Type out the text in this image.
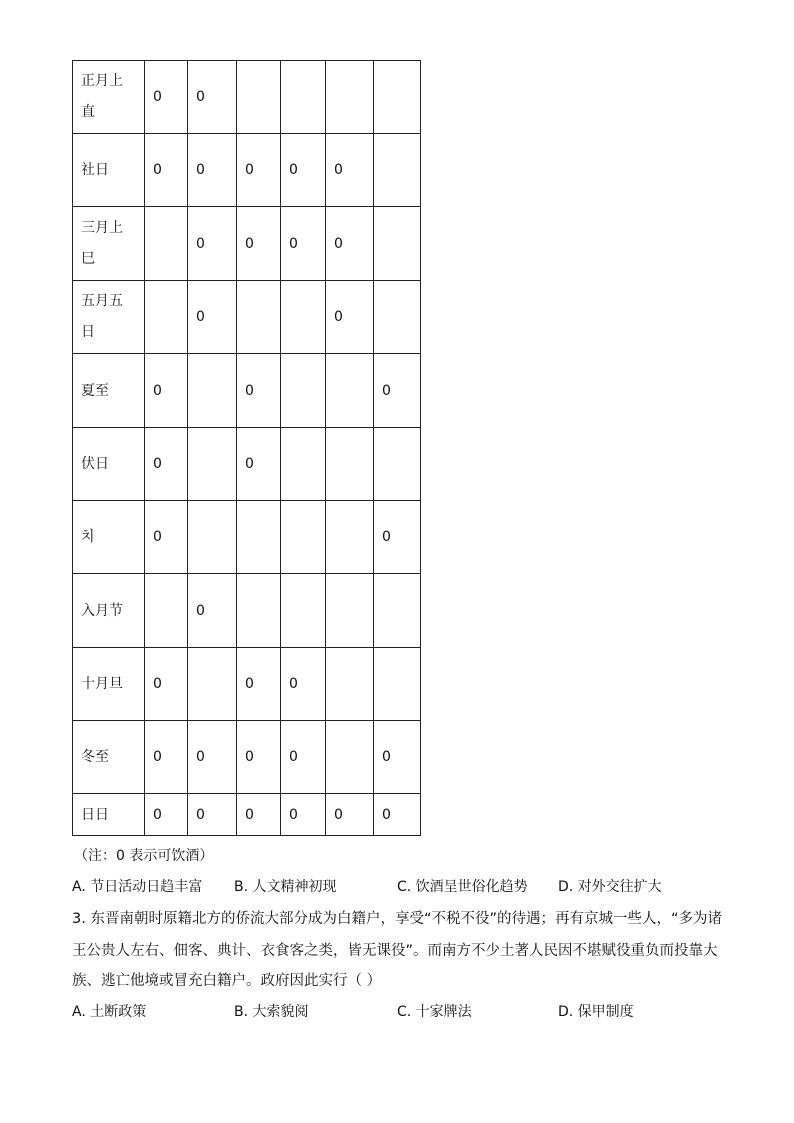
正月上直	0	0				
社日	0	0	0	0	0	
三月上巳		0	0	0	0	
五月五日		0			0	
夏至	0		0			0
伏日	0		0			
치	0					0
入月节		0				
十月旦	0		0	0		
冬至	0	0	0	0		0
日日	0	0	0	0	0	0
（注：0 表示可饮酒）
A. 节日活动日趋丰富 B. 人文精神初现	C. 饮酒呈世俗化趋势 D. 对外交往扩大
3. 东晋南朝时原籍北方的侨流大部分成为白籍户，享受“不税不役”的待遇；再有京城一些人，“多为诸
王公贵人左右、佃客、典计、衣食客之类，皆无课役”。而南方不少土著人民因不堪赋役重负而投靠大
族、逃亡他境或冒充白籍户。政府因此实行（ ）
A. 土断政策	B. 大索貌阅	C. 十家牌法	D. 保甲制度
